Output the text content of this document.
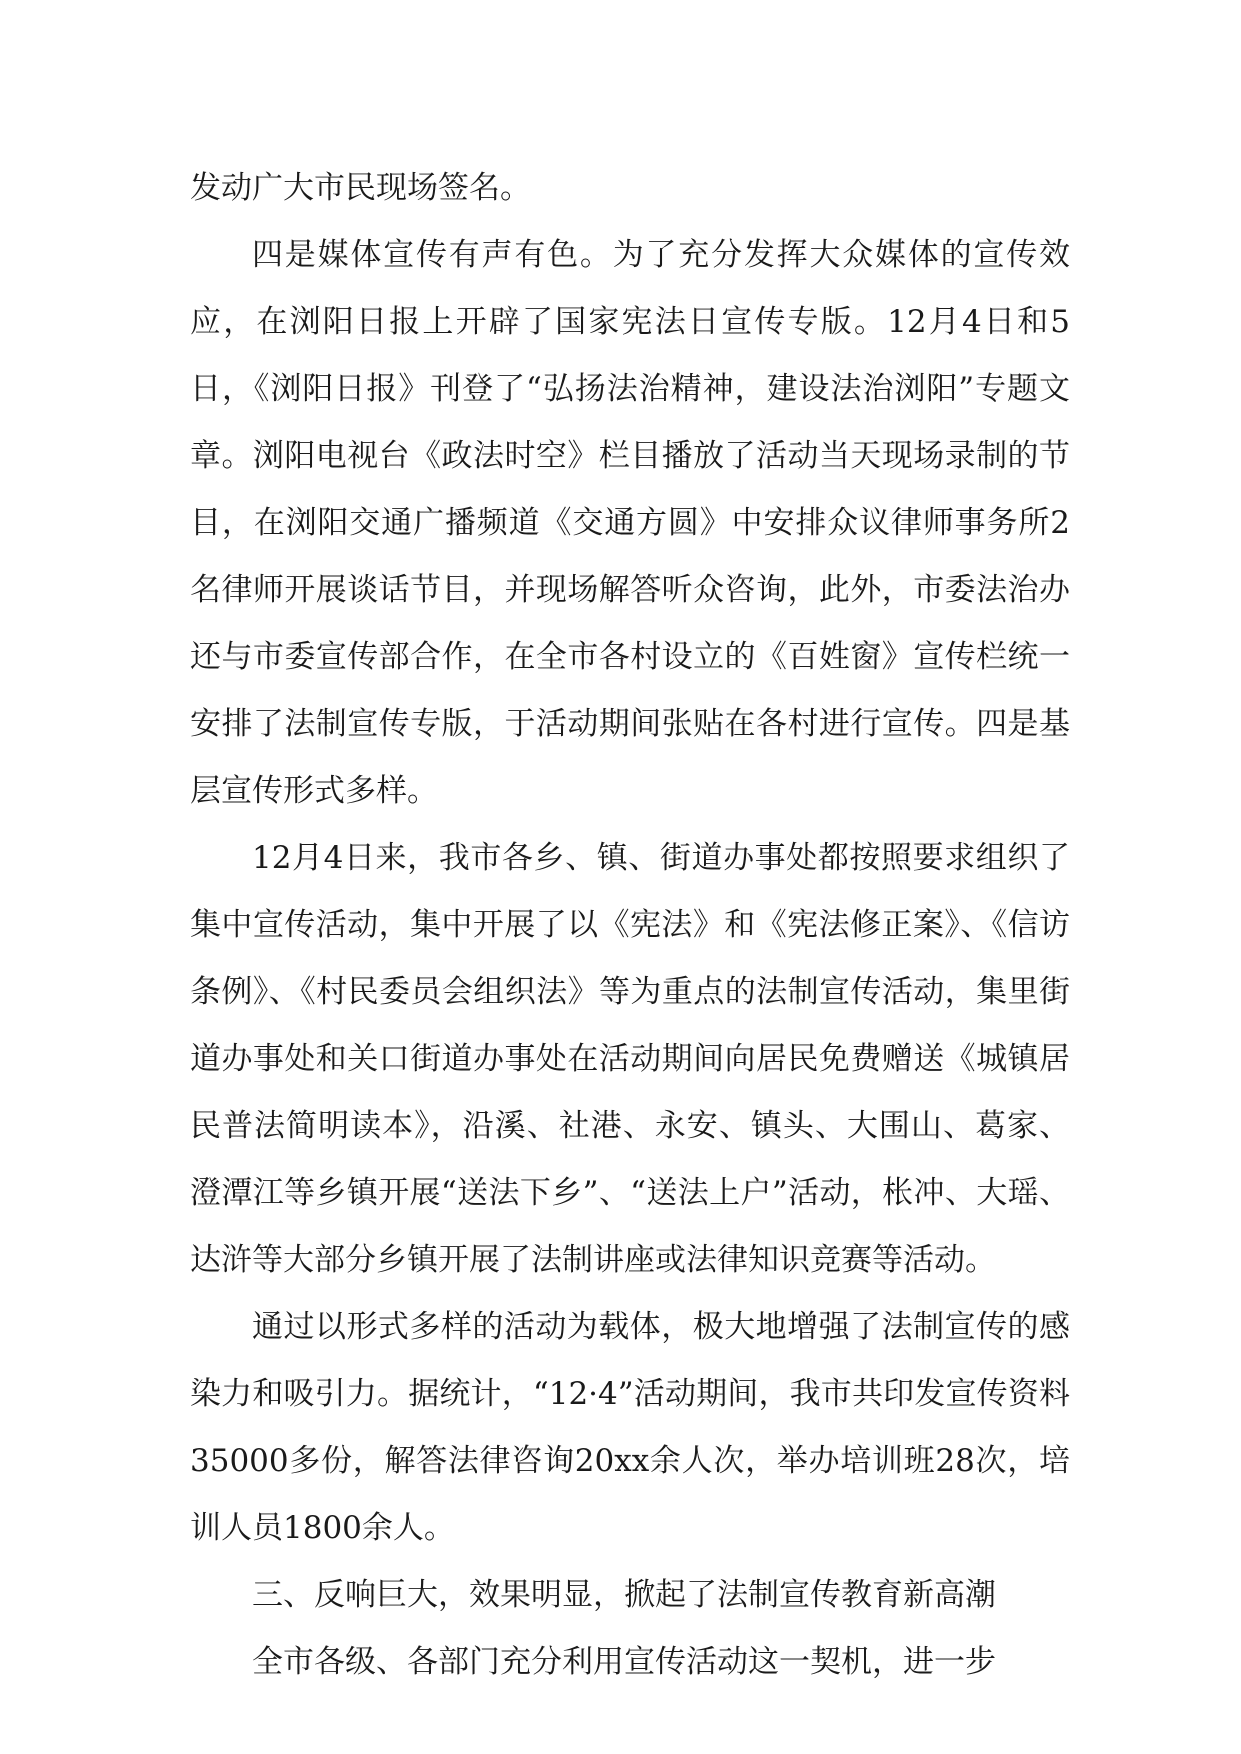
发动广大市民现场签名。

四是媒体宣传有声有色。为了充分发挥大众媒体的宣传效应，在浏阳日报上开辟了国家宪法日宣传专版。12月4日和5日，《浏阳日报》刊登了“弘扬法治精神，建设法治浏阳”专题文章。浏阳电视台《政法时空》栏目播放了活动当天现场录制的节目，在浏阳交通广播频道《交通方圆》中安排众议律师事务所2名律师开展谈话节目，并现场解答听众咨询，此外，市委法治办还与市委宣传部合作，在全市各村设立的《百姓窗》宣传栏统一安排了法制宣传专版，于活动期间张贴在各村进行宣传。四是基层宣传形式多样。

12月4日来，我市各乡、镇、街道办事处都按照要求组织了集中宣传活动，集中开展了以《宪法》和《宪法修正案》、《信访条例》、《村民委员会组织法》等为重点的法制宣传活动，集里街道办事处和关口街道办事处在活动期间向居民免费赠送《城镇居民普法简明读本》，沿溪、社港、永安、镇头、大围山、葛家、澄潭江等乡镇开展“送法下乡”、“送法上户”活动，枨冲、大瑶、达浒等大部分乡镇开展了法制讲座或法律知识竞赛等活动。

通过以形式多样的活动为载体，极大地增强了法制宣传的感染力和吸引力。据统计，“12·4”活动期间，我市共印发宣传资料35000多份，解答法律咨询20xx余人次，举办培训班28次，培训人员1800余人。

三、反响巨大，效果明显，掀起了法制宣传教育新高潮

全市各级、各部门充分利用宣传活动这一契机，进一步
